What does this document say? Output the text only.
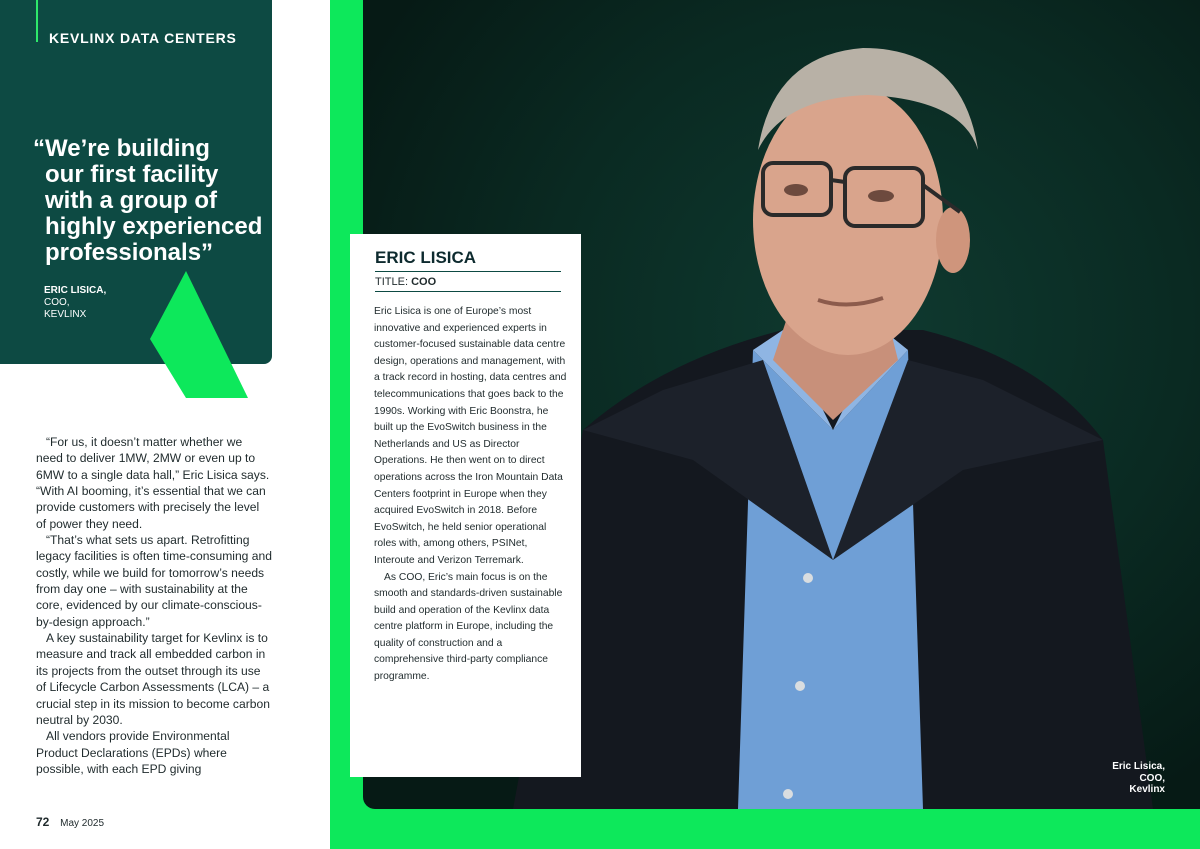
KEVLINX DATA CENTERS
“We’re building
our first facility
with a group of
highly experienced
professionals”
ERIC LISICA,
COO,
KEVLINX

“For us, it doesn’t matter whether we need to deliver 1MW, 2MW or even up to 6MW to a single data hall,” Eric Lisica says. “With AI booming, it’s essential that we can provide customers with precisely the level of power they need.

“That’s what sets us apart. Retrofitting legacy facilities is often time-consuming and costly, while we build for tomorrow’s needs from day one – with sustainability at the core, evidenced by our climate-conscious-by-design approach.”

A key sustainability target for Kevlinx is to measure and track all embedded carbon in its projects from the outset through its use of Lifecycle Carbon Assessments (LCA) – a crucial step in its mission to become carbon neutral by 2030.

All vendors provide Environmental Product Declarations (EPDs) where possible, with each EPD giving

72 May 2025
Eric Lisica,
COO,
Kevlinx
ERIC LISICA
TITLE: COO

Eric Lisica is one of Europe’s most innovative and experienced experts in customer-focused sustainable data centre design, operations and management, with a track record in hosting, data centres and telecommunications that goes back to the 1990s. Working with Eric Boonstra, he built up the EvoSwitch business in the Netherlands and US as Director Operations. He then went on to direct operations across the Iron Mountain Data Centers footprint in Europe when they acquired EvoSwitch in 2018. Before EvoSwitch, he held senior operational roles with, among others, PSINet, Interoute and Verizon Terremark.

As COO, Eric’s main focus is on the smooth and standards-driven sustainable build and operation of the Kevlinx data centre platform in Europe, including the quality of construction and a comprehensive third-party compliance programme.
